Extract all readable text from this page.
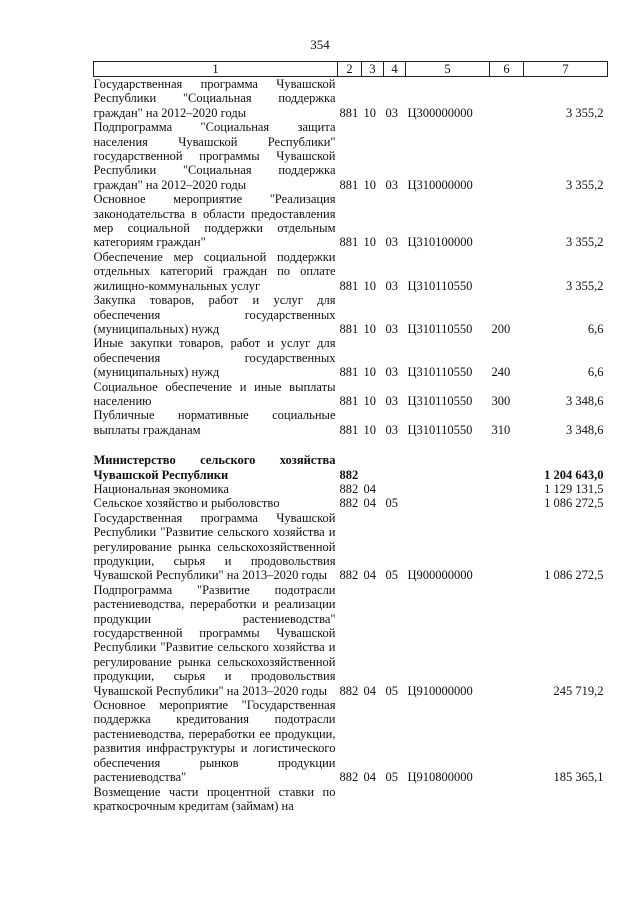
354
1	2	3	4	5	6	7
Государственная программа Чувашской Республики "Социальная поддержка граждан" на 2012–2020 годы	881	10	03	Ц300000000		3 355,2
Подпрограмма "Социальная защита населения Чувашской Республики" государственной программы Чувашской Республики "Социальная поддержка граждан" на 2012–2020 годы	881	10	03	Ц310000000		3 355,2
Основное мероприятие "Реализация законодательства в области предоставления мер социальной поддержки отдельным категориям граждан"	881	10	03	Ц310100000		3 355,2
Обеспечение мер социальной поддержки отдельных категорий граждан по оплате жилищно-коммунальных услуг	881	10	03	Ц310110550		3 355,2
Закупка товаров, работ и услуг для обеспечения государственных (муниципальных) нужд	881	10	03	Ц310110550	200	6,6
Иные закупки товаров, работ и услуг для обеспечения государственных (муниципальных) нужд	881	10	03	Ц310110550	240	6,6
Социальное обеспечение и иные выплаты населению	881	10	03	Ц310110550	300	3 348,6
Публичные нормативные социальные выплаты гражданам	881	10	03	Ц310110550	310	3 348,6

Министерство сельского хозяйства Чувашской Республики	882					1 204 643,0
Национальная экономика	882	04				1 129 131,5
Сельское хозяйство и рыболовство	882	04	05			1 086 272,5
Государственная программа Чувашской Республики "Развитие сельского хозяйства и регулирование рынка сельскохозяйственной продукции, сырья и продовольствия Чувашской Республики" на 2013–2020 годы	882	04	05	Ц900000000		1 086 272,5
Подпрограмма "Развитие подотрасли растениеводства, переработки и реализации продукции растениеводства" государственной программы Чувашской Республики "Развитие сельского хозяйства и регулирование рынка сельскохозяйственной продукции, сырья и продовольствия Чувашской Республики" на 2013–2020 годы	882	04	05	Ц910000000		245 719,2
Основное мероприятие "Государственная поддержка кредитования подотрасли растениеводства, переработки ее продукции, развития инфраструктуры и логистического обеспечения рынков продукции растениеводства"	882	04	05	Ц910800000		185 365,1
Возмещение части процентной ставки по краткосрочным кредитам (займам) на						
